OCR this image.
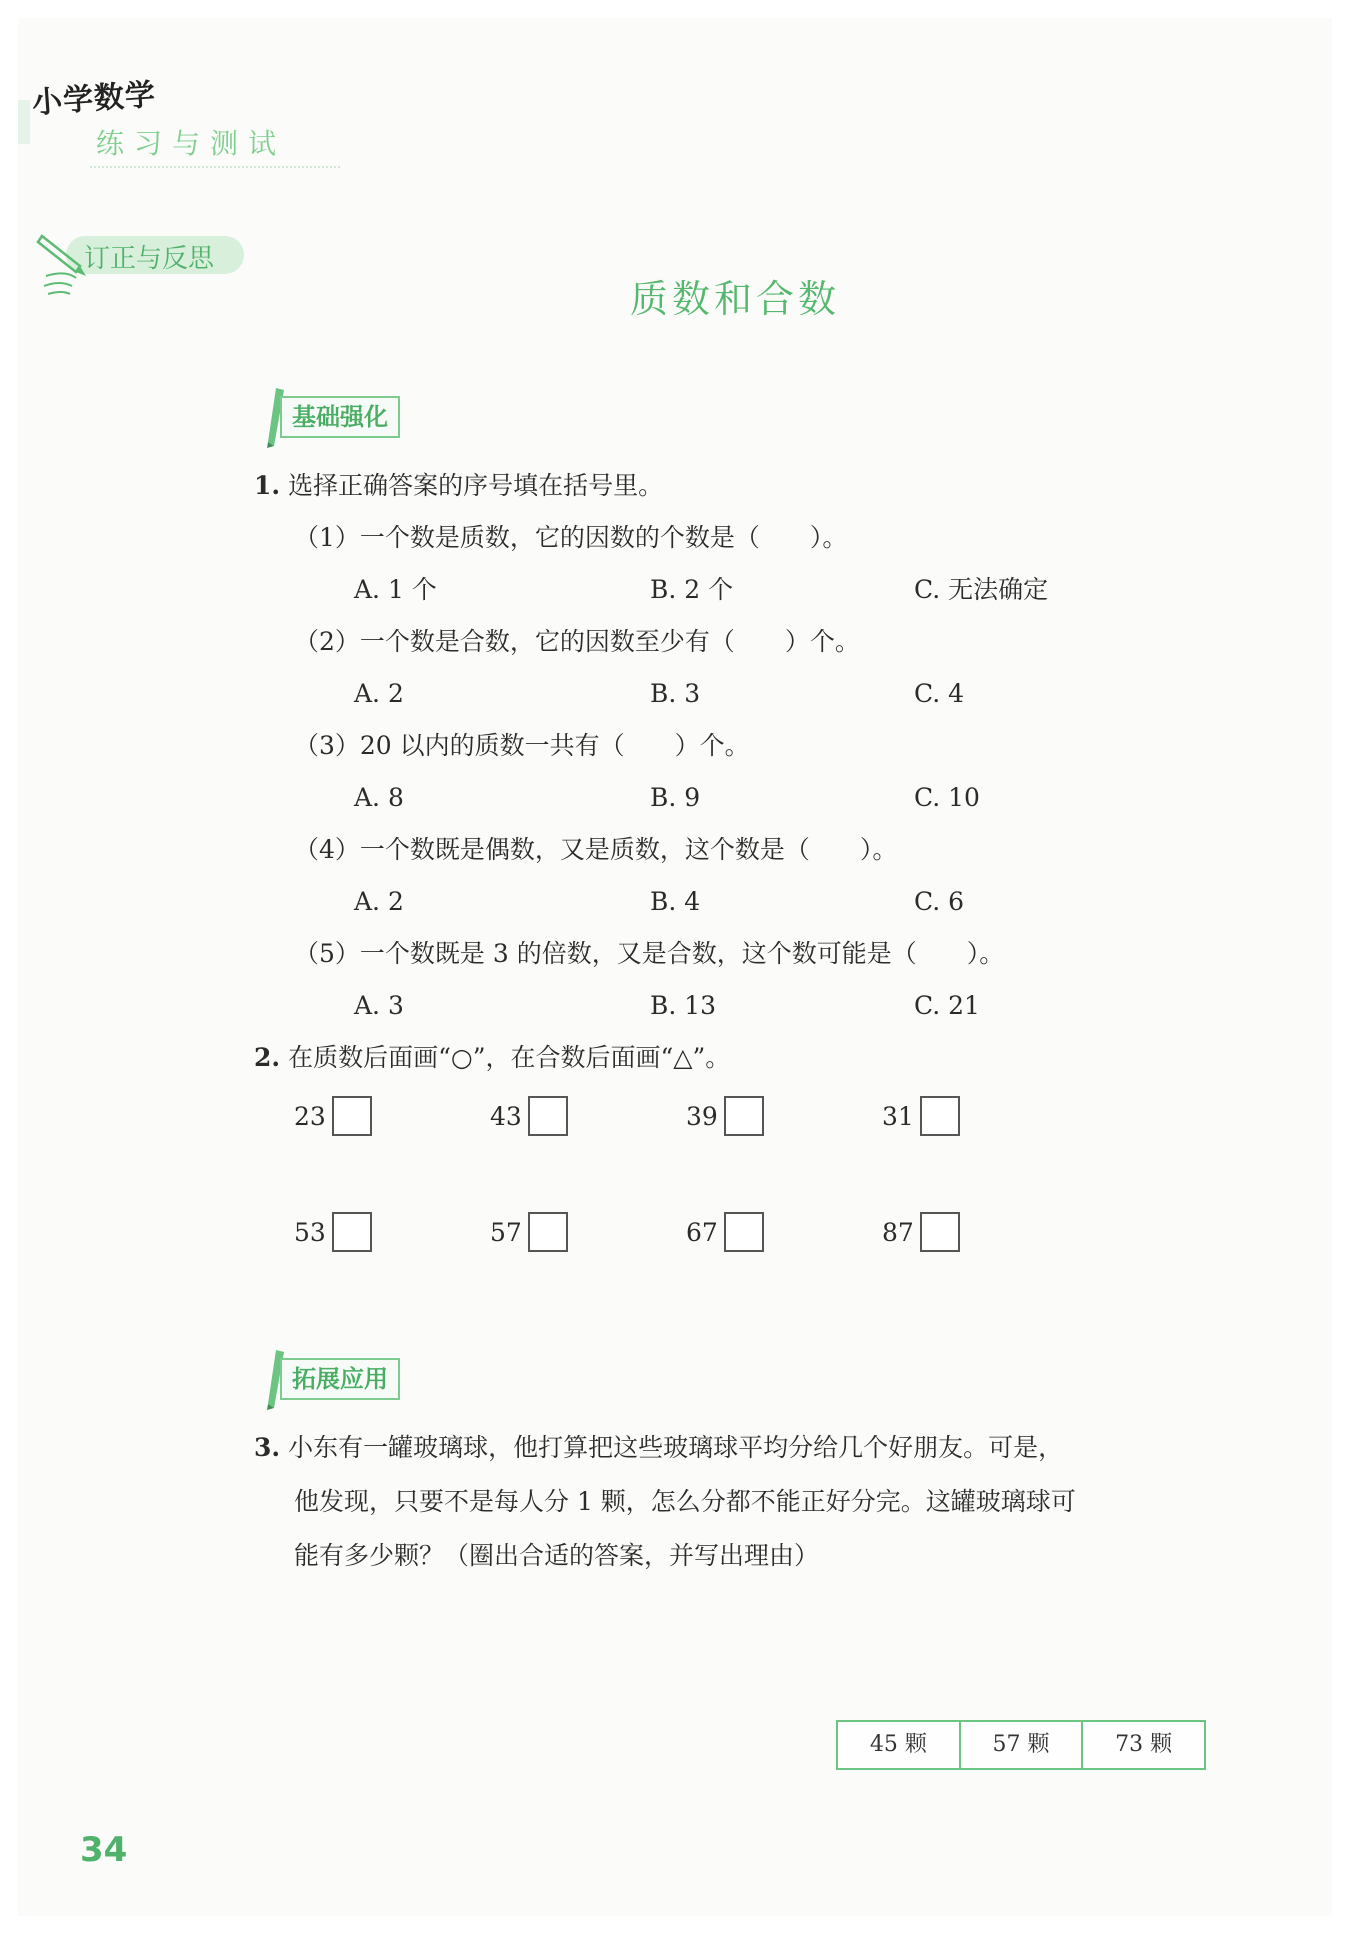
小学数学
练习与测试
订正与反思
质数和合数
基础强化
1. 选择正确答案的序号填在括号里。
（1）一个数是质数，它的因数的个数是（　　）。
A. 1 个	B. 2 个	C. 无法确定
（2）一个数是合数，它的因数至少有（　　）个。
A. 2	B. 3	C. 4
（3）20 以内的质数一共有（　　）个。
A. 8	B. 9	C. 10
（4）一个数既是偶数，又是质数，这个数是（　　）。
A. 2	B. 4	C. 6
（5）一个数既是 3 的倍数，又是合数，这个数可能是（　　）。
A. 3	B. 13	C. 21
2. 在质数后面画“○”，在合数后面画“△”。
23	43	39	31
53	57	67	87
拓展应用
3. 小东有一罐玻璃球，他打算把这些玻璃球平均分给几个好朋友。可是，
他发现，只要不是每人分 1 颗，怎么分都不能正好分完。这罐玻璃球可
能有多少颗？（圈出合适的答案，并写出理由）
45 颗	57 颗	73 颗
34
